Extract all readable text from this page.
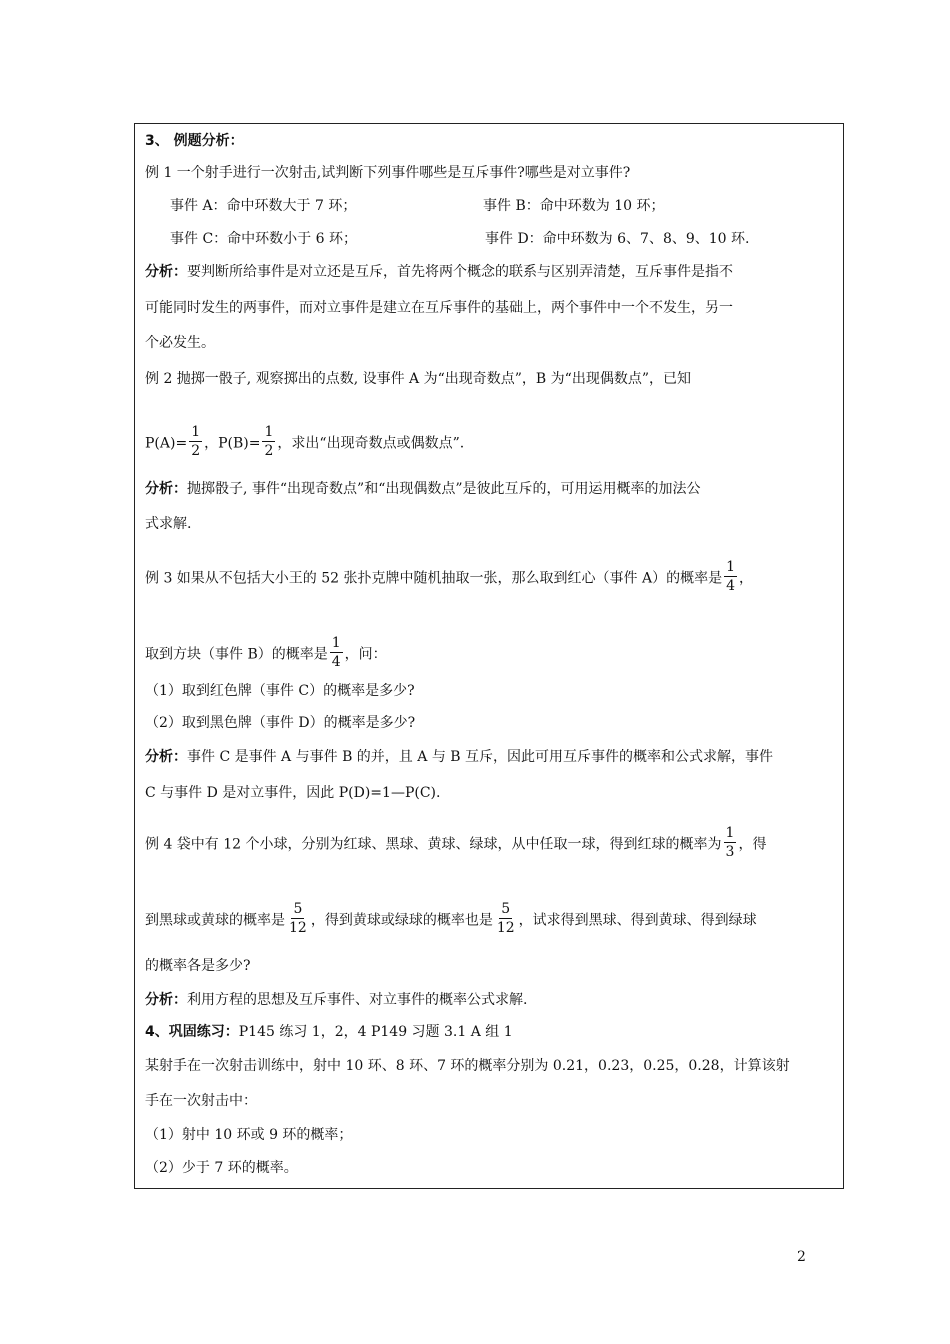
3、 例题分析：
例 1 一个射手进行一次射击,试判断下列事件哪些是互斥事件?哪些是对立事件?
事件 A：命中环数大于 7 环；	事件 B：命中环数为 10 环；
事件 C：命中环数小于 6 环；	事件 D：命中环数为 6、7、8、9、10 环.
分析：要判断所给事件是对立还是互斥，首先将两个概念的联系与区别弄清楚，互斥事件是指不
可能同时发生的两事件，而对立事件是建立在互斥事件的基础上，两个事件中一个不发生，另一
个必发生。
例 2 抛掷一骰子, 观察掷出的点数, 设事件 A 为“出现奇数点”，B 为“出现偶数点”，已知
$P(A)= \frac{1}{2}$ ，$P(B)= \frac{1}{2}$ ，求出“出现奇数点或偶数点”.
分析：抛掷骰子, 事件“出现奇数点”和“出现偶数点”是彼此互斥的，可用运用概率的加法公
式求解.
例 3 如果从不包括大小王的 52 张扑克牌中随机抽取一张，那么取到红心（事件 A）的概率是 $\frac{1}{4}$ ，
取到方块（事件 B）的概率是 $\frac{1}{4}$ ，问：
（1）取到红色牌（事件 C）的概率是多少?
（2）取到黑色牌（事件 D）的概率是多少?
分析：事件 C 是事件 A 与事件 B 的并，且 A 与 B 互斥，因此可用互斥事件的概率和公式求解，事件
C 与事件 D 是对立事件，因此 P(D)=1—P(C).
例 4 袋中有 12 个小球，分别为红球、黑球、黄球、绿球，从中任取一球，得到红球的概率为 $\frac{1}{3}$ ，得
到黑球或黄球的概率是 $\frac{5}{12}$ ，得到黄球或绿球的概率也是 $\frac{5}{12}$ ，试求得到黑球、得到黄球、得到绿球
的概率各是多少?
分析：利用方程的思想及互斥事件、对立事件的概率公式求解.
4、巩固练习：P145 练习 1，2，4 P149 习题 3.1 A 组 1
某射手在一次射击训练中，射中 10 环、8 环、7 环的概率分别为 0.21，0.23，0.25，0.28，计算该射
手在一次射击中：
（1）射中 10 环或 9 环的概率；
（2）少于 7 环的概率。
2
